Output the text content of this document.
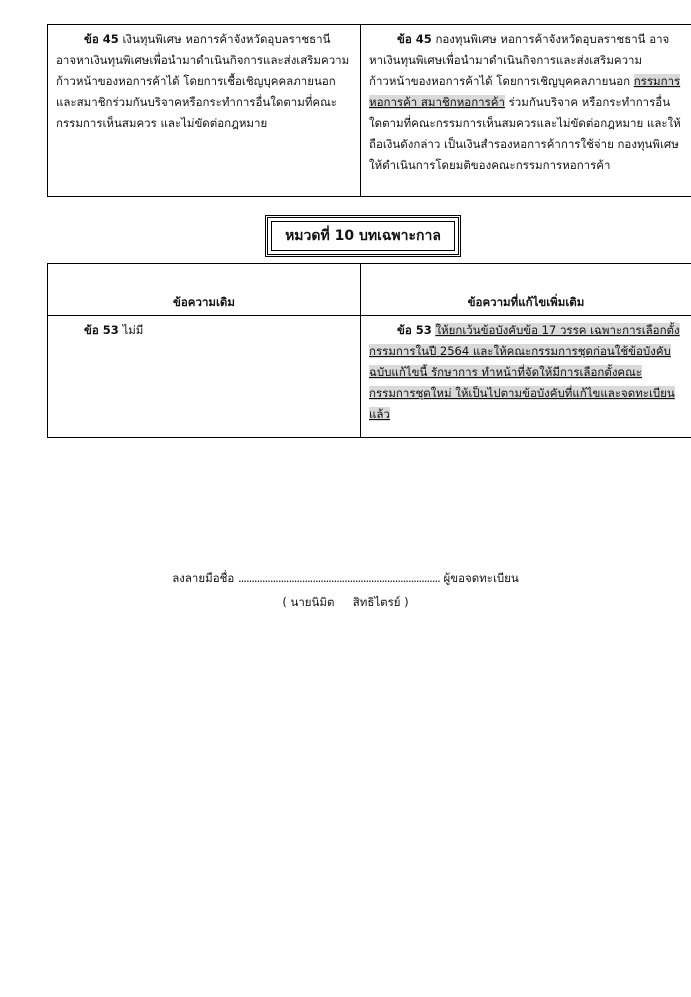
ข้อ 45 เงินทุนพิเศษ หอการค้าจังหวัดอุบลราชธานี อาจหาเงินทุนพิเศษเพื่อนำมาดำเนินกิจการและส่งเสริมความก้าวหน้าของหอการค้าได้ โดยการเชื้อเชิญบุคคลภายนอกและสมาชิกร่วมกันบริจาคหรือกระทำการอื่นใดตามที่คณะกรรมการเห็นสมควร และไม่ขัดต่อกฎหมาย	ข้อ 45 กองทุนพิเศษ หอการค้าจังหวัดอุบลราชธานี อาจหาเงินทุนพิเศษเพื่อนำมาดำเนินกิจการและส่งเสริมความก้าวหน้าของหอการค้าได้ โดยการเชิญบุคคลภายนอก กรรมการหอการค้า สมาชิกหอการค้า ร่วมกันบริจาค หรือกระทำการอื่นใดตามที่คณะกรรมการเห็นสมควรและไม่ขัดต่อกฎหมาย และให้ถือเงินดังกล่าว เป็นเงินสำรองหอการค้าการใช้จ่าย กองทุนพิเศษให้ดำเนินการโดยมติของคณะกรรมการหอการค้า
หมวดที่ 10 บทเฉพาะกาล
ข้อความเดิม	ข้อความที่แก้ไขเพิ่มเติม
ข้อ 53 ไม่มี	ข้อ 53 ให้ยกเว้นข้อบังคับข้อ 17 วรรค เฉพาะการเลือกตั้งกรรมการในปี 2564 และให้คณะกรรมการชุดก่อนใช้ข้อบังคับฉบับแก้ไขนี้ รักษาการ ทำหน้าที่จัดให้มีการเลือกตั้งคณะกรรมการชุดใหม่ ให้เป็นไปตามข้อบังคับที่แก้ไขและจดทะเบียนแล้ว
ลงลายมือชื่อ ............................................................................ ผู้ขอจดทะเบียน
( นายนิมิต     สิทธิไตรย์ )
